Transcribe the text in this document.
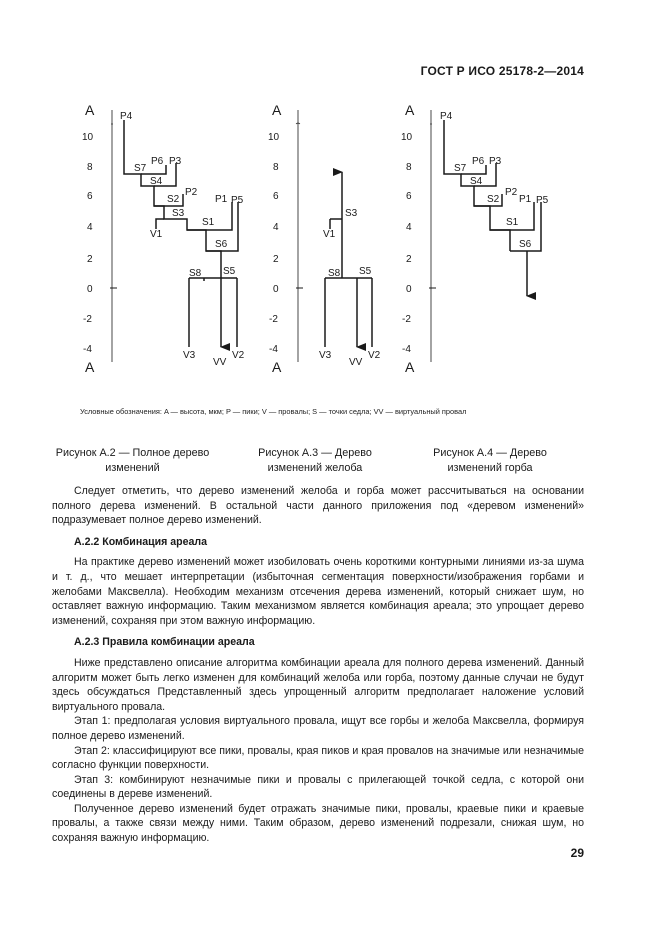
ГОСТ Р ИСО 25178-2—2014
A
A
10
8
6
4
2
0
-2
-4
P4
S7
P6 P3
S4
S2
P2
S3
V1
S1
P1 P5
S6
S8 S5
V3
VV
V2
A
A
10
8
6
4
2
0
-2
-4
S3
V1
S8 S5
V3
VV
V2
A
A
10
8
6
4
2
0
-2
-4
P4
S7
P6 P3
S4
S2
P2
S1
P1 P5
S6
Условные обозначения: A — высота, мкм; P — пики; V — провалы; S — точки седла; VV — виртуальный провал
Рисунок А.2 — Полное дерево
изменений
Рисунок А.3 — Дерево
изменений желоба
Рисунок А.4 — Дерево
изменений горба

Следует отметить, что дерево изменений желоба и горба может рассчитываться на основании полного дерева изменений. В остальной части данного приложения под «деревом изменений» подразумевает полное дерево изменений.

А.2.2 Комбинация ареала

На практике дерево изменений может изобиловать очень короткими контурными линиями из-за шума и т. д., что мешает интерпретации (избыточная сегментация поверхности/изображения горбами и желобами Максвелла). Необходим механизм отсечения дерева изменений, который снижает шум, но оставляет важную информацию. Таким механизмом является комбинация ареала; это упрощает дерево изменений, сохраняя при этом важную информацию.

А.2.3 Правила комбинации ареала

Ниже представлено описание алгоритма комбинации ареала для полного дерева изменений. Данный алгоритм может быть легко изменен для комбинаций желоба или горба, поэтому данные случаи не будут здесь обсуждаться Представленный здесь упрощенный алгоритм предполагает наложение условий виртуального провала.

Этап 1: предполагая условия виртуального провала, ищут все горбы и желоба Максвелла, формируя полное дерево изменений.

Этап 2: классифицируют все пики, провалы, края пиков и края провалов на значимые или незначимые согласно функции поверхности.

Этап 3: комбинируют незначимые пики и провалы с прилегающей точкой седла, с которой они соединены в дереве изменений.

Полученное дерево изменений будет отражать значимые пики, провалы, краевые пики и краевые провалы, а также связи между ними. Таким образом, дерево изменений подрезали, снижая шум, но сохраняя важную информацию.

29
